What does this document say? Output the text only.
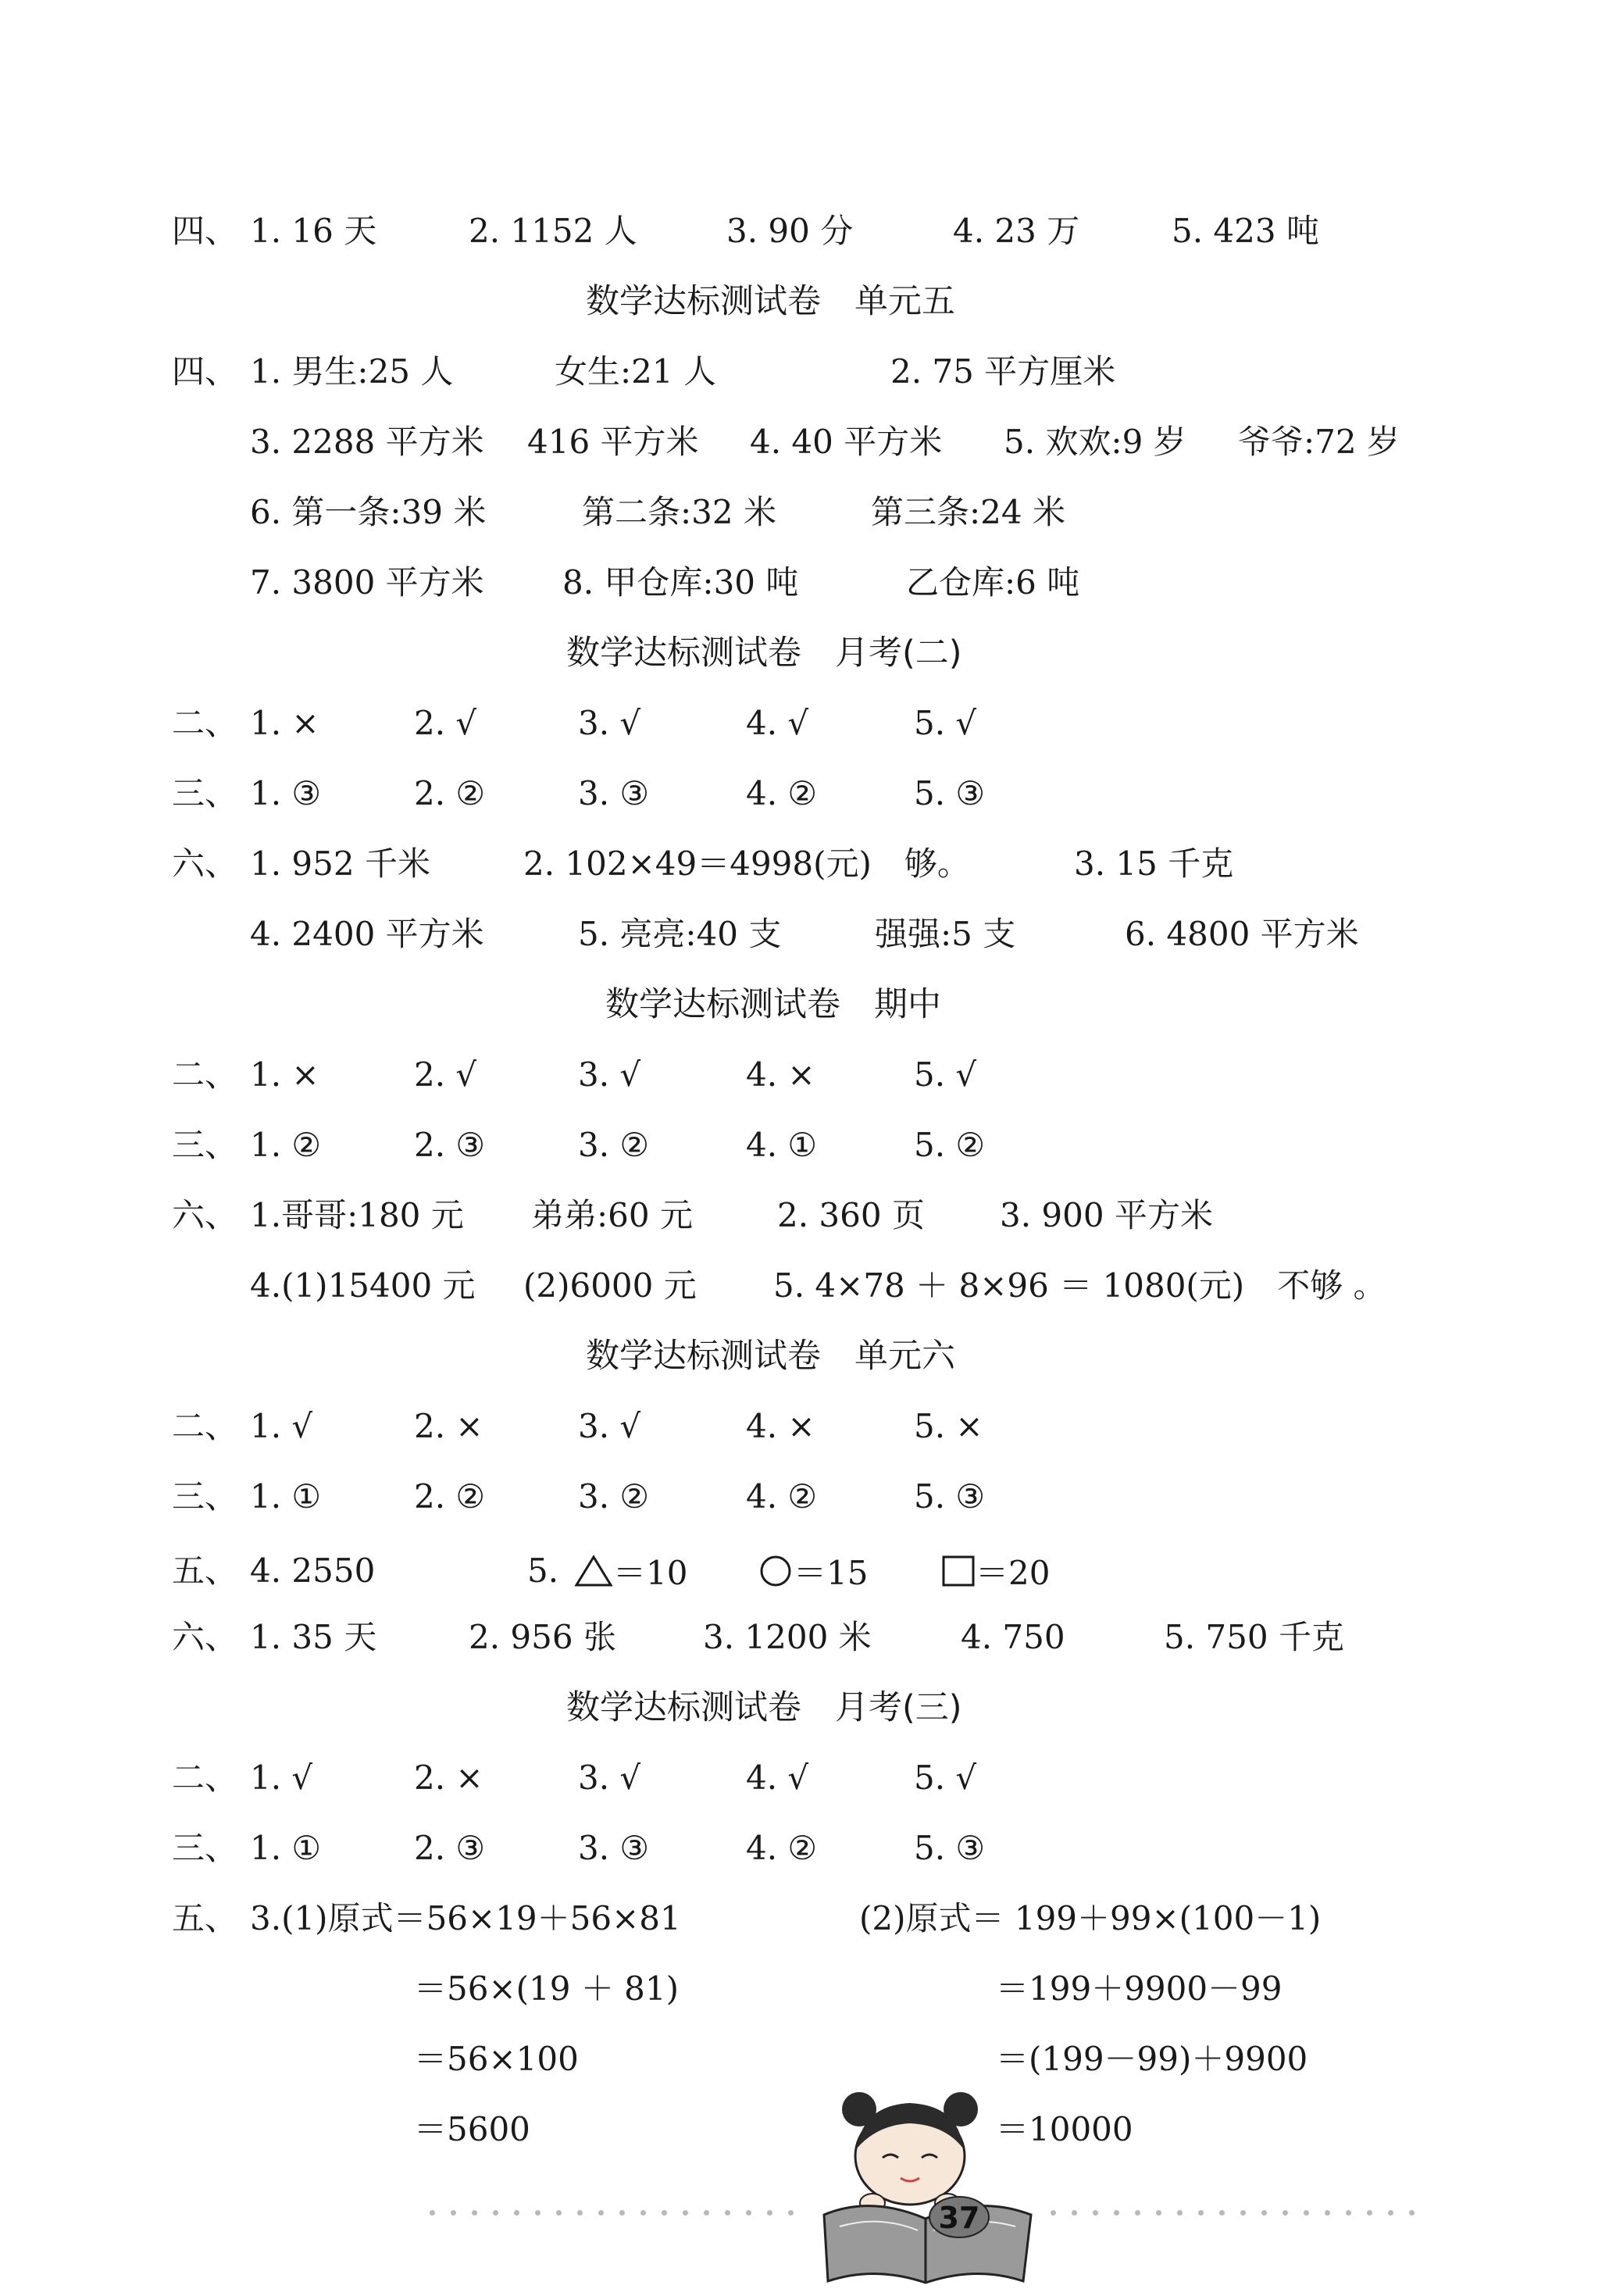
四、 1. 16 天	2. 1152 人	3. 90 分	4. 23 万	5. 423 吨
数学达标测试卷　单元五
四、 1. 男生:25 人	女生:21 人	2. 75 平方厘米
3. 2288 平方米 416 平方米 4. 40 平方米 5. 欢欢:9 岁 爷爷:72 岁
6. 第一条:39 米	第二条:32 米	第三条:24 米
7. 3800 平方米 8. 甲仓库:30 吨	乙仓库:6 吨
数学达标测试卷　月考(二)
二、 1. ×	2. √	3. √	4. √	5. √
三、 1. ③	2. ②	3. ③	4. ②	5. ③
六、 1. 952 千米	2. 102×49＝4998(元)　够。	3. 15 千克
4. 2400 平方米	5. 亮亮:40 支	强强:5 支	6. 4800 平方米
数学达标测试卷　期中
二、 1. ×	2. √	3. √	4. ×	5. √
三、 1. ②	2. ③	3. ②	4. ①	5. ②
六、 1.哥哥:180 元 弟弟:60 元	2. 360 页 3. 900 平方米
4.(1)15400 元 (2)6000 元 5. 4×78 ＋ 8×96 ＝ 1080(元)　不够 。
数学达标测试卷　单元六
二、 1. √	2. ×	3. √	4. ×	5. ×
三、 1. ①	2. ②	3. ②	4. ②	5. ③
五、 4. 2550	5.	＝10	＝15	＝20
六、 1. 35 天	2. 956 张	3. 1200 米	4. 750	5. 750 千克
数学达标测试卷　月考(三)
二、 1. √	2. ×	3. √	4. √	5. √
三、 1. ①	2. ③	3. ③	4. ②	5. ③
五、 3.(1)原式＝56×19＋56×81
＝56×(19 ＋ 81)
＝56×100
＝5600
(2)原式＝ 199＋99×(100－1)
＝199＋9900－99
＝(199－99)＋9900
＝10000
37
